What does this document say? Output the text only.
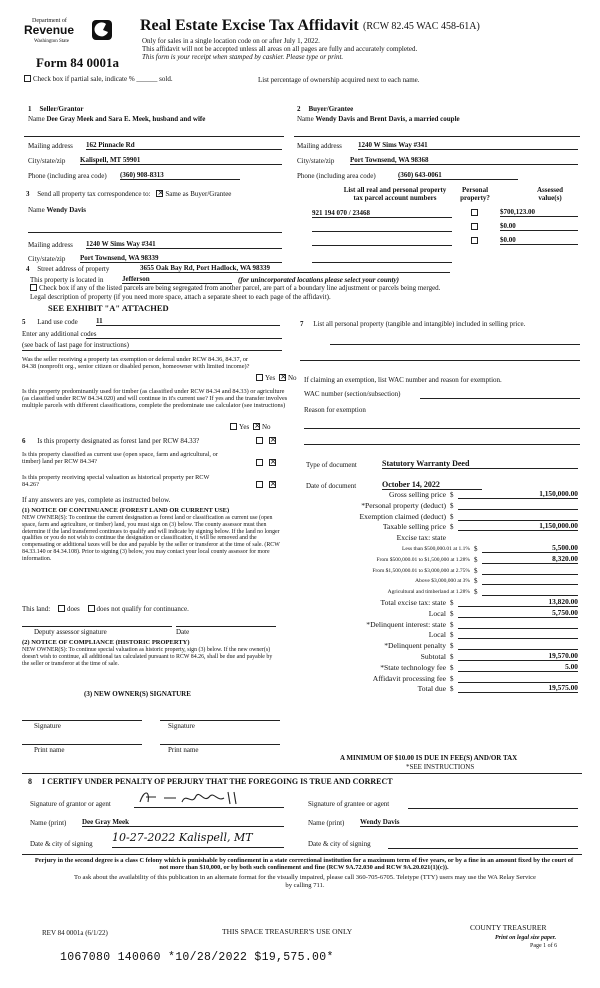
Department of
Revenue
Washington State
Real Estate Excise Tax Affidavit (RCW 82.45 WAC 458-61A)
Only for sales in a single location code on or after July 1, 2022.
This affidavit will not be accepted unless all areas on all pages are fully and accurately completed.
This form is your receipt when stamped by cashier. Please type or print.
Form 84 0001a
Check box if partial sale, indicate % ______ sold.	List percentage of ownership acquired next to each name.
1 Seller/Grantor
Name Dee Gray Meek and Sara E. Meek, husband and wife
2 Buyer/Grantee
Name Wendy Davis and Brent Davis, a married couple
Mailing address 162 Pinnacle Rd
City/state/zip Kalispell, MT 59901
Phone (including area code) (360) 908-8313
Mailing address 1240 W Sims Way #341
City/state/zip Port Townsend, WA 98368
Phone (including area code)	(360) 643-0061
3 Send all property tax correspondence to: × Same as Buyer/Grantee
Name Wendy Davis
Mailing address 1240 W Sims Way #341
City/state/zip Port Townsend, WA 98339
List all real and personal property tax parcel account numbers
Personal property?
Assessed value(s)
921 194 070 / 23468	$700,123.00
$0.00
$0.00
4 Street address of property	3655 Oak Bay Rd, Port Hadlock, WA 98339
This property is located in	Jefferson	(for unincorporated locations please select your county)
Check box if any of the listed parcels are being segregated from another parcel, are part of a boundary line adjustment or parcels being merged.
Legal description of property (if you need more space, attach a separate sheet to each page of the affidavit).
SEE EXHIBIT "A" ATTACHED
5 Land use code	11
Enter any additional codes
(see back of last page for instructions)
Was the seller receiving a property tax exemption or deferral under RCW 84.36, 84.37, or 84.38 (nonprofit org., senior citizen or disabled person, homeowner with limited income)?
Yes × No
Is this property predominantly used for timber (as classified under RCW 84.34 and 84.33) or agriculture (as classified under RCW 84.34.020) and will continue in it's current use? If yes and the transfer involves multiple parcels with different classifications, complete the predominate use calculator (see instructions)
Yes × No
6 Is this property designated as forest land per RCW 84.33?
×
Is this property classified as current use (open space, farm and agricultural, or timber) land per RCW 84.34?
×
Is this property receiving special valuation as historical property per RCW 84.26?
×
If any answers are yes, complete as instructed below.
(1) NOTICE OF CONTINUANCE (FOREST LAND OR CURRENT USE)
NEW OWNER(S): To continue the current designation as forest land or classification as current use (open space, farm and agriculture, or timber) land, you must sign on (3) below. The county assessor must then determine if the land transferred continues to qualify and will indicate by signing below. If the land no longer qualifies or you do not wish to continue the designation or classification, it will be removed and the compensating or additional taxes will be due and payable by the seller or transferor at the time of sale. (RCW 84.33.140 or 84.34.108). Prior to signing (3) below, you may contact your local county assessor for more information.
This land: does does not qualify for continuance.
Deputy assessor signature	Date
(2) NOTICE OF COMPLIANCE (HISTORIC PROPERTY)
NEW OWNER(S): To continue special valuation as historic property, sign (3) below. If the new owner(s) doesn't wish to continue, all additional tax calculated pursuant to RCW 84.26, shall be due and payable by the seller or transferor at the time of sale.
(3) NEW OWNER(S) SIGNATURE
Signature	Signature
Print name	Print name
7 List all personal property (tangible and intangible) included in selling price.
If claiming an exemption, list WAC number and reason for exemption.
WAC number (section/subsection)
Reason for exemption
Type of document	Statutory Warranty Deed
Date of document	October 14, 2022
Gross selling price $	1,150,000.00
*Personal property (deduct) $
Exemption claimed (deduct) $
Taxable selling price $	1,150,000.00
Excise tax: state
Less than $500,000.01 at 1.1% $	5,500.00
From $500,000.01 to $1,500,000 at 1.28% $	8,320.00
From $1,500,000.01 to $3,000,000 at 2.75% $
Above $3,000,000 at 3% $
Agricultural and timberland at 1.28% $
Total excise tax: state $	13,820.00
Local $	5,750.00
*Delinquent interest: state $
Local $
*Delinquent penalty $
Subtotal $	19,570.00
*State technology fee $	5.00
Affidavit processing fee $
Total due $	19,575.00
A MINIMUM OF $10.00 IS DUE IN FEE(S) AND/OR TAX
*SEE INSTRUCTIONS
8 I CERTIFY UNDER PENALTY OF PERJURY THAT THE FOREGOING IS TRUE AND CORRECT
Signature of grantor or agent	Signature of grantee or agent
Name (print) Dee Gray Meek	Name (print) Wendy Davis
Date & city of signing 10-27-2022 Kalispell, MT	Date & city of signing
Perjury in the second degree is a class C felony which is punishable by confinement in a state correctional institution for a maximum term of five years, or by a fine in an amount fixed by the court of not more than $10,000, or by both such confinement and fine (RCW 9A.72.030 and RCW 9A.20.021(1)(c)).
To ask about the availability of this publication in an alternate format for the visually impaired, please call 360-705-6705. Teletype (TTY) users may use the WA Relay Service by calling 711.
REV 84 0001a (6/1/22)	THIS SPACE TREASURER'S USE ONLY	COUNTY TREASURER
Print on legal size paper.
Page 1 of 6
1067080 140060 *10/28/2022 $19,575.00*
